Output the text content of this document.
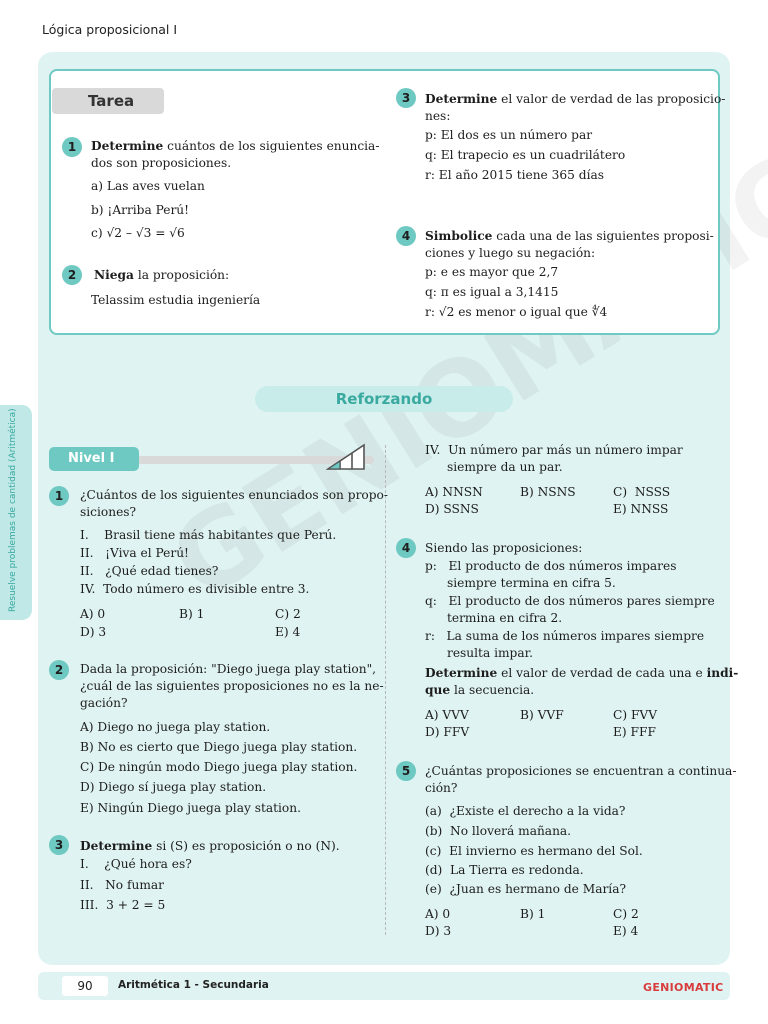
Lógica proposicional I
Resuelve problemas de cantidad (Aritmética)
Tarea
1	Determine cuántos de los siguientes enuncia-
dos son proposiciones.
a) Las aves vuelan
b) ¡Arriba Perú!
c) √2 – √3 = √6
2	Niega la proposición:
Telassim estudia ingeniería
3	Determine el valor de verdad de las proposicio-
nes:
p: El dos es un número par
q: El trapecio es un cuadrilátero
r: El año 2015 tiene 365 días
4	Simbolice cada una de las siguientes proposi-
ciones y luego su negación:
p: e es mayor que 2,7
q: π es igual a 3,1415
r: √2 es menor o igual que ∜4
Reforzando
Nivel I
1	¿Cuántos de los siguientes enunciados son propo-
siciones?
I.    Brasil tiene más habitantes que Perú.
II.   ¡Viva el Perú!
II.   ¿Qué edad tienes?
IV.  Todo número es divisible entre 3.
A) 0	B) 1	C) 2
D) 3	E) 4
2	Dada la proposición: "Diego juega play station",
¿cuál de las siguientes proposiciones no es la ne-
gación?
A) Diego no juega play station.
B) No es cierto que Diego juega play station.
C) De ningún modo Diego juega play station.
D) Diego sí juega play station.
E) Ningún Diego juega play station.
3	Determine si (S) es proposición o no (N).
I.    ¿Qué hora es?
II.   No fumar
III.  3 + 2 = 5
IV.  Un número par más un número impar
siempre da un par.
A) NNSN	B) NSNS	C)  NSSS
D) SSNS	E) NNSS
4	Siendo las proposiciones:
p:   El producto de dos números impares
siempre termina en cifra 5.
q:   El producto de dos números pares siempre
termina en cifra 2.
r:   La suma de los números impares siempre
resulta impar.
Determine el valor de verdad de cada una e indi-
que la secuencia.
A) VVV	B) VVF	C) FVV
D) FFV	E) FFF
5	¿Cuántas proposiciones se encuentran a continua-
ción?
(a)  ¿Existe el derecho a la vida?
(b)  No lloverá mañana.
(c)  El invierno es hermano del Sol.
(d)  La Tierra es redonda.
(e)  ¿Juan es hermano de María?
A) 0	B) 1	C) 2
D) 3	E) 4
90	Aritmética 1 - Secundaria	GENIOMATIC
